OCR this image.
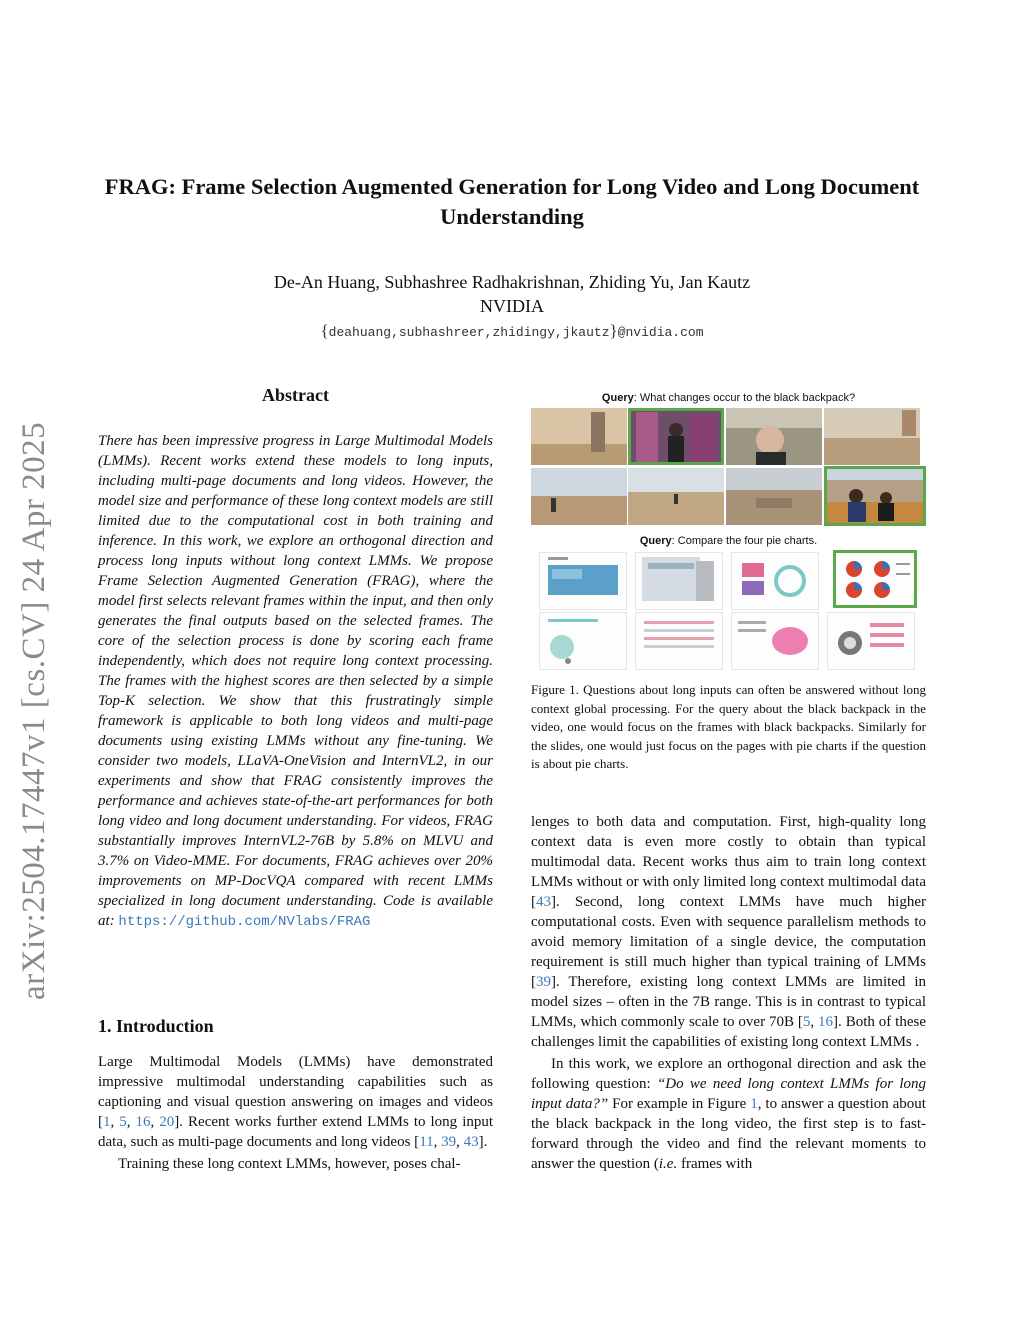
FRAG: Frame Selection Augmented Generation for Long Video and Long Document Understanding
De-An Huang, Subhashree Radhakrishnan, Zhiding Yu, Jan Kautz
NVIDIA
{deahuang,subhashreer,zhidingy,jkautz}@nvidia.com
arXiv:2504.17447v1 [cs.CV] 24 Apr 2025
Abstract
There has been impressive progress in Large Multimodal Models (LMMs). Recent works extend these models to long inputs, including multi-page documents and long videos. However, the model size and performance of these long context models are still limited due to the computational cost in both training and inference. In this work, we explore an orthogonal direction and process long inputs without long context LMMs. We propose Frame Selection Augmented Generation (FRAG), where the model first selects relevant frames within the input, and then only generates the final outputs based on the selected frames. The core of the selection process is done by scoring each frame independently, which does not require long context processing. The frames with the highest scores are then selected by a simple Top-K selection. We show that this frustratingly simple framework is applicable to both long videos and multi-page documents using existing LMMs without any fine-tuning. We consider two models, LLaVA-OneVision and InternVL2, in our experiments and show that FRAG consistently improves the performance and achieves state-of-the-art performances for both long video and long document understanding. For videos, FRAG substantially improves InternVL2-76B by 5.8% on MLVU and 3.7% on Video-MME. For documents, FRAG achieves over 20% improvements on MP-DocVQA compared with recent LMMs specialized in long document understanding. Code is available at: https://github.com/NVlabs/FRAG
Query: What changes occur to the black backpack?
Query: Compare the four pie charts.
Figure 1. Questions about long inputs can often be answered without long context global processing. For the query about the black backpack in the video, one would focus on the frames with black backpacks. Similarly for the slides, one would just focus on the pages with pie charts if the question is about pie charts.
1. Introduction

Large Multimodal Models (LMMs) have demonstrated impressive multimodal understanding capabilities such as captioning and visual question answering on images and videos [1, 5, 16, 20]. Recent works further extend LMMs to long input data, such as multi-page documents and long videos [11, 39, 43].

Training these long context LMMs, however, poses chal-

lenges to both data and computation. First, high-quality long context data is even more costly to obtain than typical multimodal data. Recent works thus aim to train long context LMMs without or with only limited long context multimodal data [43]. Second, long context LMMs have much higher computational costs. Even with sequence parallelism methods to avoid memory limitation of a single device, the computation requirement is still much higher than typical training of LMMs [39]. Therefore, existing long context LMMs are limited in model sizes – often in the 7B range. This is in contrast to typical LMMs, which commonly scale to over 70B [5, 16]. Both of these challenges limit the capabilities of existing long context LMMs .

In this work, we explore an orthogonal direction and ask the following question: “Do we need long context LMMs for long input data?” For example in Figure 1, to answer a question about the black backpack in the long video, the first step is to fast-forward through the video and find the relevant moments to answer the question (i.e. frames with
